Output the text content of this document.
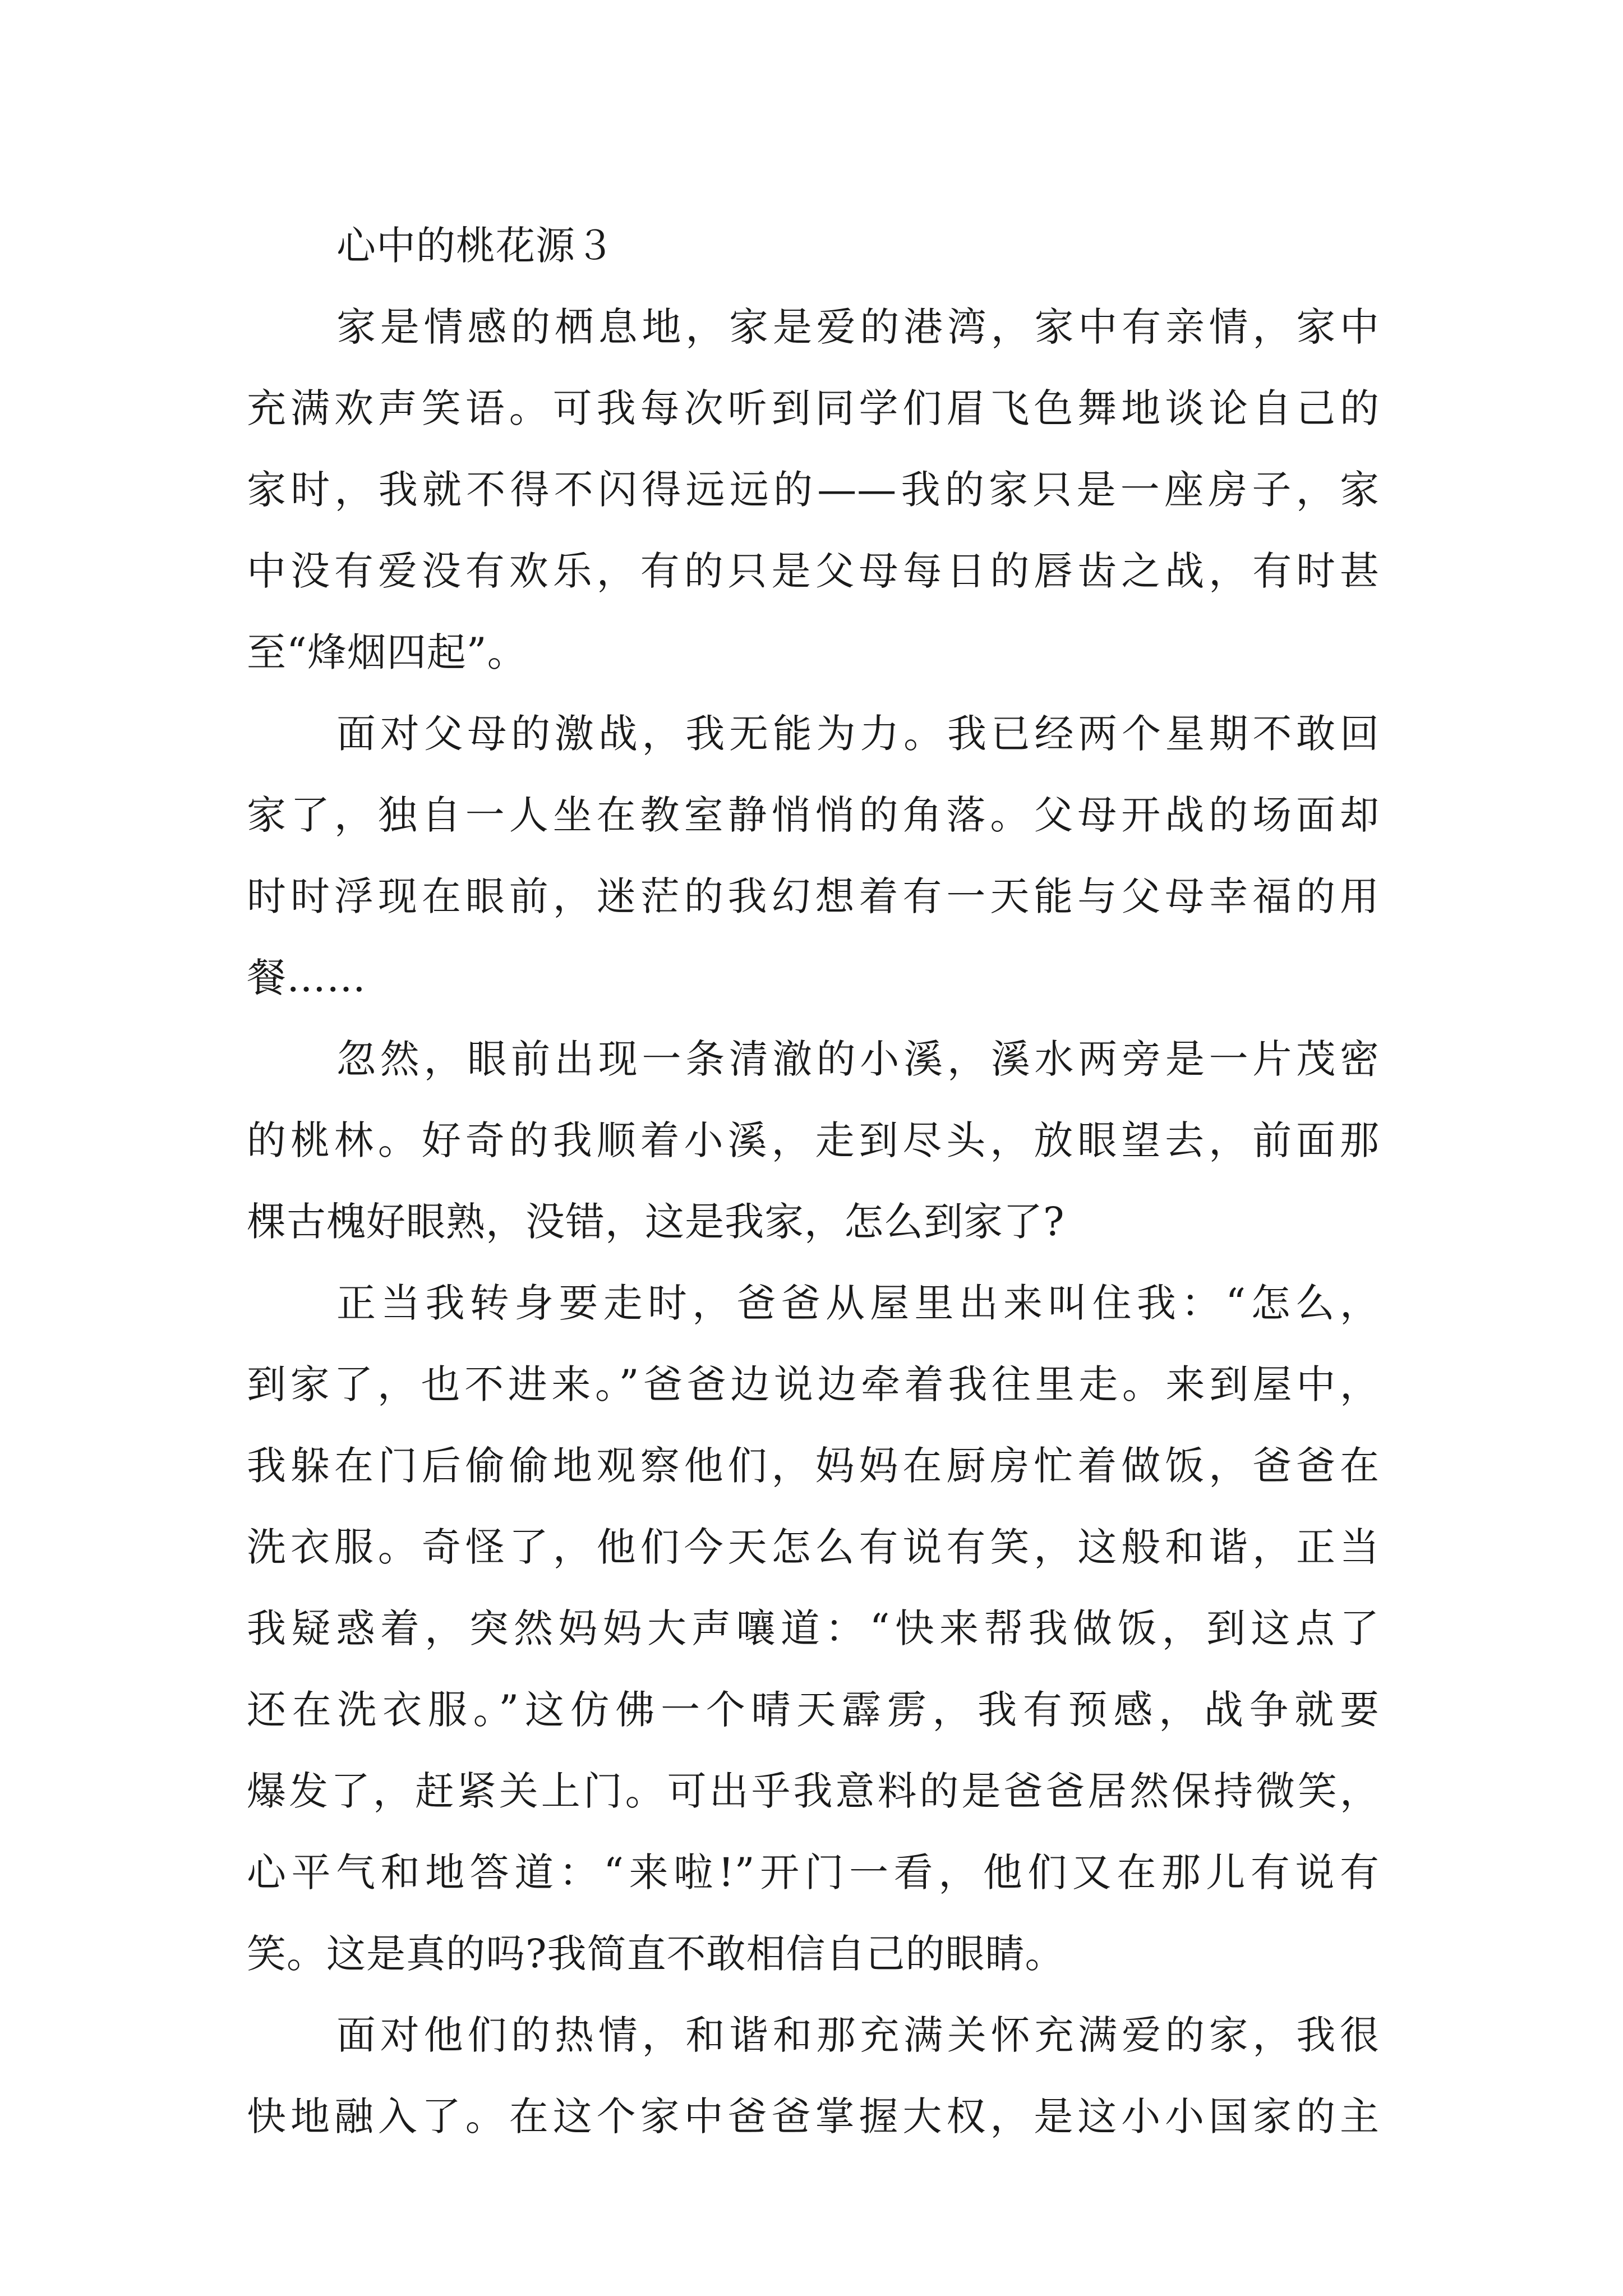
心中的桃花源３

家是情感的栖息地，家是爱的港湾，家中有亲情，家中
充满欢声笑语。可我每次听到同学们眉飞色舞地谈论自己的
家时，我就不得不闪得远远的——我的家只是一座房子，家
中没有爱没有欢乐，有的只是父母每日的唇齿之战，有时甚
至“烽烟四起”。

面对父母的激战，我无能为力。我已经两个星期不敢回
家了，独自一人坐在教室静悄悄的角落。父母开战的场面却
时时浮现在眼前，迷茫的我幻想着有一天能与父母幸福的用
餐……

忽然，眼前出现一条清澈的小溪，溪水两旁是一片茂密
的桃林。好奇的我顺着小溪，走到尽头，放眼望去，前面那
棵古槐好眼熟，没错，这是我家，怎么到家了?

正当我转身要走时，爸爸从屋里出来叫住我：“怎么，
到家了，也不进来。”爸爸边说边牵着我往里走。来到屋中，
我躲在门后偷偷地观察他们，妈妈在厨房忙着做饭，爸爸在
洗衣服。奇怪了，他们今天怎么有说有笑，这般和谐，正当
我疑惑着，突然妈妈大声嚷道：“快来帮我做饭，到这点了
还在洗衣服。”这仿佛一个晴天霹雳，我有预感，战争就要
爆发了，赶紧关上门。可出乎我意料的是爸爸居然保持微笑，
心平气和地答道：“来啦!”开门一看，他们又在那儿有说有
笑。这是真的吗?我简直不敢相信自己的眼睛。

面对他们的热情，和谐和那充满关怀充满爱的家，我很
快地融入了。在这个家中爸爸掌握大权，是这小小国家的主
